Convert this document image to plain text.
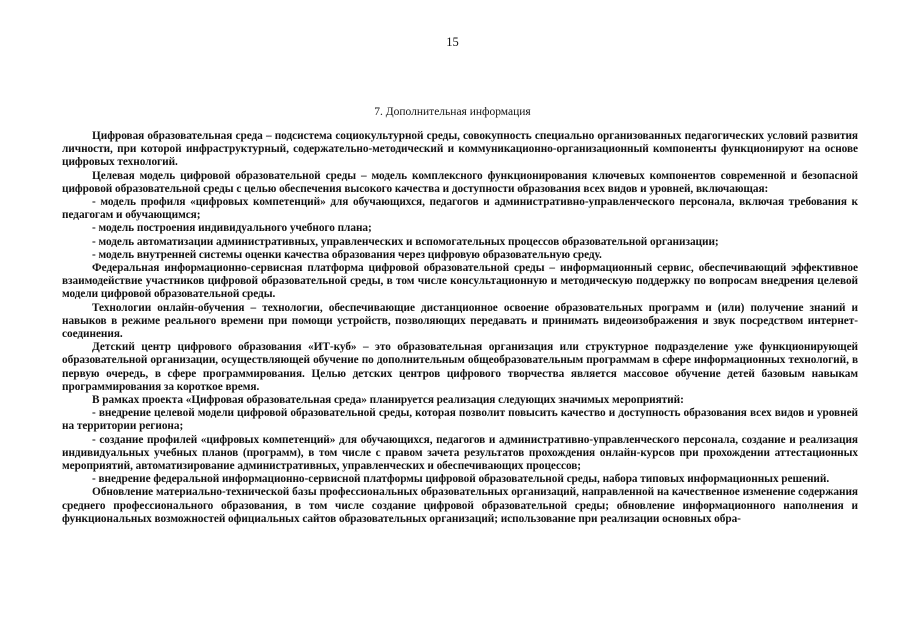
15
7. Дополнительная информация

Цифровая образовательная среда – подсистема социокультурной среды, совокупность специально организованных педагогических условий развития личности, при которой инфраструктурный, содержательно-методический и коммуникационно-организационный компоненты функционируют на основе цифровых технологий.

Целевая модель цифровой образовательной среды – модель комплексного функционирования ключевых компонентов современной и безопасной цифровой образовательной среды с целью обеспечения высокого качества и доступности образования всех видов и уровней, включающая:

- модель профиля «цифровых компетенций» для обучающихся, педагогов и административно-управленческого персонала, включая требования к педагогам и обучающимся;

- модель построения индивидуального учебного плана;

- модель автоматизации административных, управленческих и вспомогательных процессов образовательной организации;

- модель внутренней системы оценки качества образования через цифровую образовательную среду.

Федеральная информационно-сервисная платформа цифровой образовательной среды – информационный сервис, обеспечивающий эффективное взаимодействие участников цифровой образовательной среды, в том числе консультационную и методическую поддержку по вопросам внедрения целевой модели цифровой образовательной среды.

Технологии онлайн-обучения – технологии, обеспечивающие дистанционное освоение образовательных программ и (или) получение знаний и навыков в режиме реального времени при помощи устройств, позволяющих передавать и принимать видеоизображения и звук посредством интернет-соединения.

Детский центр цифрового образования «ИТ-куб» – это образовательная организация или структурное подразделение уже функционирующей образовательной организации, осуществляющей обучение по дополнительным общеобразовательным программам в сфере информационных технологий, в первую очередь, в сфере программирования. Целью детских центров цифрового творчества является массовое обучение детей базовым навыкам программирования за короткое время.

В рамках проекта «Цифровая образовательная среда» планируется реализация следующих значимых мероприятий:

- внедрение целевой модели цифровой образовательной среды, которая позволит повысить качество и доступность образования всех видов и уровней на территории региона;

- создание профилей «цифровых компетенций» для обучающихся, педагогов и административно-управленческого персонала, создание и реализация индивидуальных учебных планов (программ), в том числе с правом зачета результатов прохождения онлайн-курсов при прохождении аттестационных мероприятий, автоматизирование административных, управленческих и обеспечивающих процессов;

- внедрение федеральной информационно-сервисной платформы цифровой образовательной среды, набора типовых информационных решений.

Обновление материально-технической базы профессиональных образовательных организаций, направленной на качественное изменение содержания среднего профессионального образования, в том числе создание цифровой образовательной среды; обновление информационного наполнения и функциональных возможностей официальных сайтов образовательных организаций; использование при реализации основных обра-
